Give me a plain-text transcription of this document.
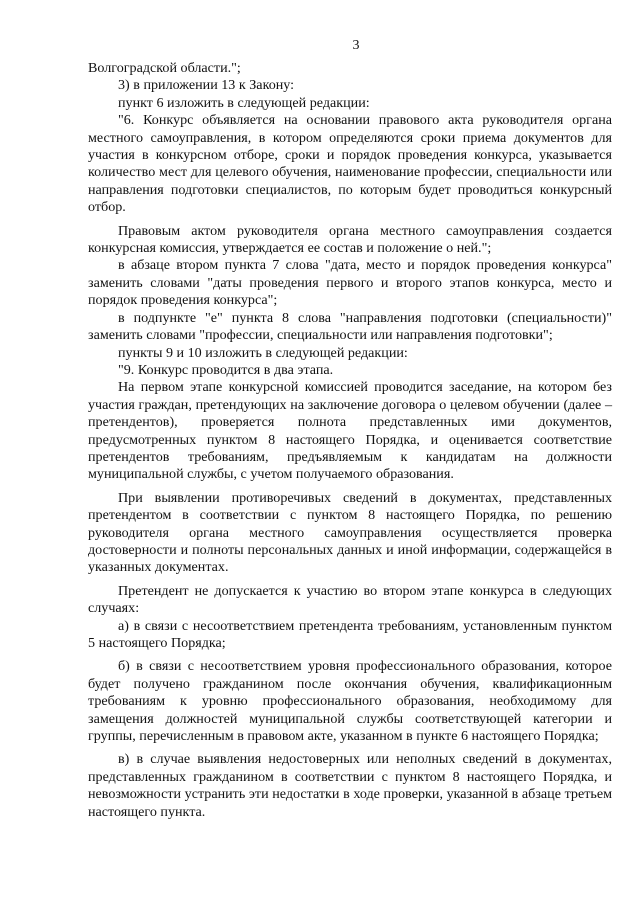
3

Волгоградской области.";

3) в приложении 13 к Закону:

пункт 6 изложить в следующей редакции:

"6. Конкурс объявляется на основании правового акта руководителя органа местного самоуправления, в котором определяются сроки приема документов для участия в конкурсном отборе, сроки и порядок проведения конкурса, указывается количество мест для целевого обучения, наименование профессии, специальности или направления подготовки специалистов, по которым будет проводиться конкурсный отбор.

Правовым актом руководителя органа местного самоуправления создается конкурсная комиссия, утверждается ее состав и положение о ней.";

в абзаце втором пункта 7 слова "дата, место и порядок проведения конкурса" заменить словами "даты проведения первого и второго этапов конкурса, место и порядок проведения конкурса";

в подпункте "е" пункта 8 слова "направления подготовки (специальности)" заменить словами "профессии, специальности или направления подготовки";

пункты 9 и 10 изложить в следующей редакции:

"9. Конкурс проводится в два этапа.

На первом этапе конкурсной комиссией проводится заседание, на котором без участия граждан, претендующих на заключение договора о целевом обучении (далее – претендентов), проверяется полнота представленных ими документов, предусмотренных пунктом 8 настоящего Порядка, и оценивается соответствие претендентов требованиям, предъявляемым к кандидатам на должности муниципальной службы, с учетом получаемого образования.

При выявлении противоречивых сведений в документах, представленных претендентом в соответствии с пунктом 8 настоящего Порядка, по решению руководителя органа местного самоуправления осуществляется проверка достоверности и полноты персональных данных и иной информации, содержащейся в указанных документах.

Претендент не допускается к участию во втором этапе конкурса в следующих случаях:

а) в связи с несоответствием претендента требованиям, установленным пунктом 5 настоящего Порядка;

б) в связи с несоответствием уровня профессионального образования, которое будет получено гражданином после окончания обучения, квалификационным требованиям к уровню профессионального образования, необходимому для замещения должностей муниципальной службы соответствующей категории и группы, перечисленным в правовом акте, указанном в пункте 6 настоящего Порядка;

в) в случае выявления недостоверных или неполных сведений в документах, представленных гражданином в соответствии с пунктом 8 настоящего Порядка, и невозможности устранить эти недостатки в ходе проверки, указанной в абзаце третьем настоящего пункта.
